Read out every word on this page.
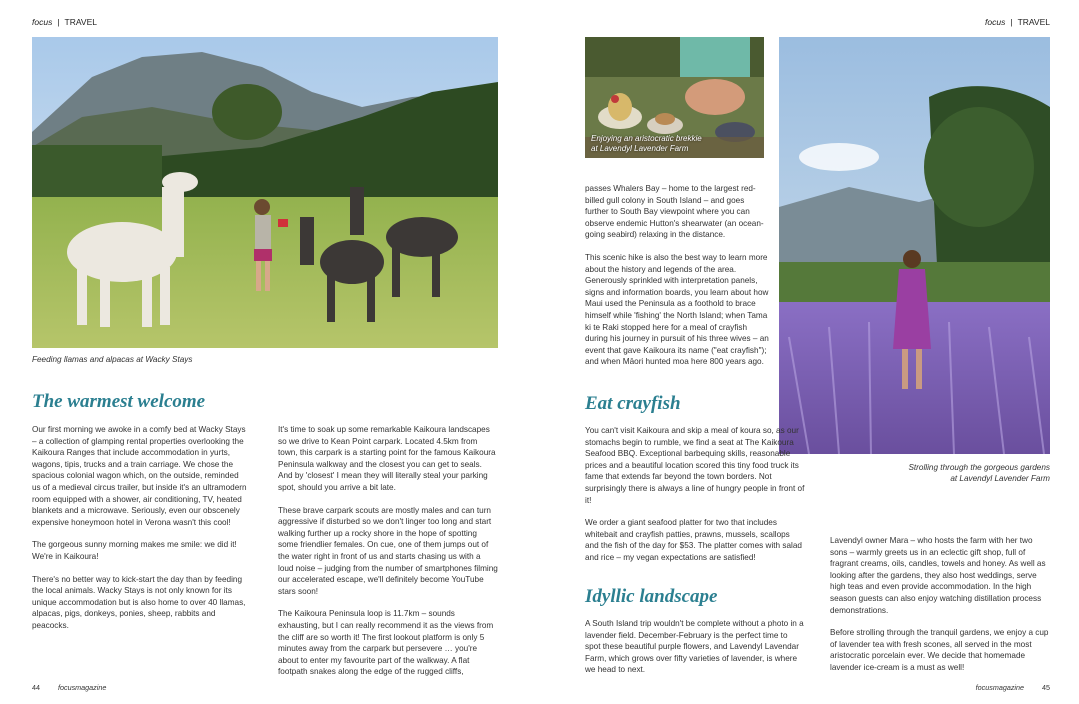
focus | TRAVEL
Feeding llamas and alpacas at Wacky Stays
The warmest welcome

Our first morning we awoke in a comfy bed at Wacky Stays – a collection of glamping rental properties overlooking the Kaikoura Ranges that include accommodation in yurts, wagons, tipis, trucks and a train carriage. We chose the spacious colonial wagon which, on the outside, reminded us of a medieval circus trailer, but inside it's an ultramodern room equipped with a shower, air conditioning, TV, heated blankets and a microwave. Seriously, even our obscenely expensive honeymoon hotel in Verona wasn't this cool!

The gorgeous sunny morning makes me smile: we did it! We're in Kaikoura!

There's no better way to kick-start the day than by feeding the local animals. Wacky Stays is not only known for its unique accommodation but is also home to over 40 llamas, alpacas, pigs, donkeys, ponies, sheep, rabbits and peacocks.

It's time to soak up some remarkable Kaikoura landscapes so we drive to Kean Point carpark. Located 4.5km from town, this carpark is a starting point for the famous Kaikoura Peninsula walkway and the closest you can get to seals. And by 'closest' I mean they will literally steal your parking spot, should you arrive a bit late.

These brave carpark scouts are mostly males and can turn aggressive if disturbed so we don't linger too long and start walking further up a rocky shore in the hope of spotting some friendlier females. On cue, one of them jumps out of the water right in front of us and starts chasing us with a loud noise – judging from the number of smartphones filming our accelerated escape, we'll definitely become YouTube stars soon!

The Kaikoura Peninsula loop is 11.7km – sounds exhausting, but I can really recommend it as the views from the cliff are so worth it! The first lookout platform is only 5 minutes away from the carpark but persevere … you're about to enter my favourite part of the walkway. A flat footpath snakes along the edge of the rugged cliffs,

44	focusmagazine
focus | TRAVEL
Enjoying an aristocratic brekkie
at Lavendyl Lavender Farm
Strolling through the gorgeous gardens
at Lavendyl Lavender Farm

passes Whalers Bay – home to the largest red-billed gull colony in South Island – and goes further to South Bay viewpoint where you can observe endemic Hutton's shearwater (an ocean-going seabird) relaxing in the distance.

This scenic hike is also the best way to learn more about the history and legends of the area. Generously sprinkled with interpretation panels, signs and information boards, you learn about how Maui used the Peninsula as a foothold to brace himself while 'fishing' the North Island; when Tama ki te Raki stopped here for a meal of crayfish during his journey in pursuit of his three wives – an event that gave Kaikoura its name ("eat crayfish"); and when Māori hunted moa here 800 years ago.

Eat crayfish

You can't visit Kaikoura and skip a meal of koura so, as our stomachs begin to rumble, we find a seat at The Kaikoura Seafood BBQ. Exceptional barbequing skills, reasonable prices and a beautiful location scored this tiny food truck its fame that extends far beyond the town borders. Not surprisingly there is always a line of hungry people in front of it!

We order a giant seafood platter for two that includes whitebait and crayfish patties, prawns, mussels, scallops and the fish of the day for $53. The platter comes with salad and rice – my vegan expectations are satisfied!

Idyllic landscape

A South Island trip wouldn't be complete without a photo in a lavender field. December-February is the perfect time to spot these beautiful purple flowers, and Lavendyl Lavendar Farm, which grows over fifty varieties of lavender, is where we head to next.

Lavendyl owner Mara – who hosts the farm with her two sons – warmly greets us in an eclectic gift shop, full of fragrant creams, oils, candles, towels and honey. As well as looking after the gardens, they also host weddings, serve high teas and even provide accommodation. In the high season guests can also enjoy watching distillation process demonstrations.

Before strolling through the tranquil gardens, we enjoy a cup of lavender tea with fresh scones, all served in the most aristocratic porcelain ever. We decide that homemade lavender ice-cream is a must as well!

focusmagazine	45
